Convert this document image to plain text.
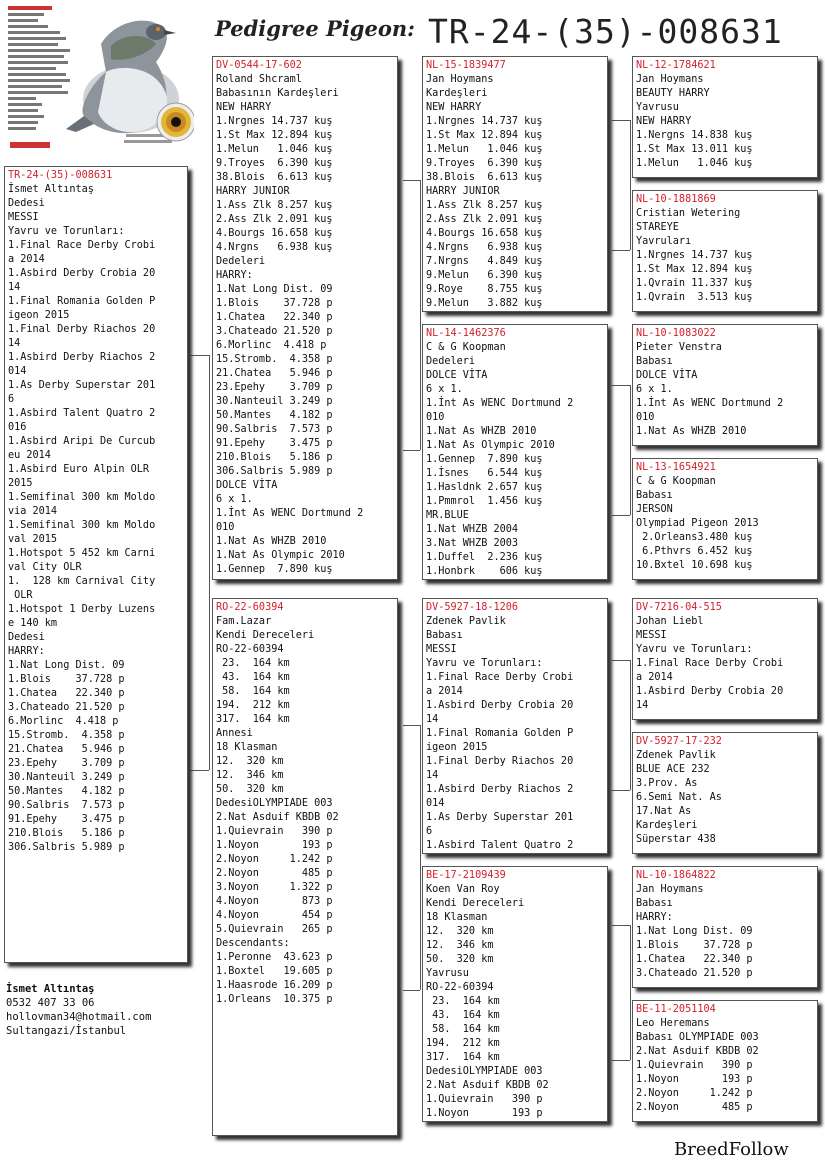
Pedigree Pigeon: TR-24-(35)-008631
TR-24-(35)-008631
İsmet Altıntaş
Dedesi
MESSI
Yavru ve Torunları:
1.Final Race Derby Crobi
a 2014
1.Asbird Derby Crobia 20
14
1.Final Romania Golden P
igeon 2015
1.Final Derby Riachos 20
14
1.Asbird Derby Riachos 2
014
1.As Derby Superstar 201
6
1.Asbird Talent Quatro 2
016
1.Asbird Aripi De Curcub
eu 2014
1.Asbird Euro Alpin OLR
2015
1.Semifinal 300 km Moldo
via 2014
1.Semifinal 300 km Moldo
val 2015
1.Hotspot 5 452 km Carni
val City OLR
1.  128 km Carnival City
OLR
1.Hotspot 1 Derby Luzens
e 140 km
Dedesi
HARRY:
1.Nat Long Dist. 09
1.Blois    37.728 p
1.Chatea   22.340 p
3.Chateado 21.520 p
6.Morlinc  4.418 p
15.Stromb.  4.358 p
21.Chatea   5.946 p
23.Epehy    3.709 p
30.Nanteuil 3.249 p
50.Mantes   4.182 p
90.Salbris  7.573 p
91.Epehy    3.475 p
210.Blois   5.186 p
306.Salbris 5.989 p
DV-0544-17-602
Roland Shcraml
Babasının Kardeşleri
NEW HARRY
1.Nrgnes 14.737 kuş
1.St Max 12.894 kuş
1.Melun   1.046 kuş
9.Troyes  6.390 kuş
38.Blois  6.613 kuş
HARRY JUNIOR
1.Ass Zlk 8.257 kuş
2.Ass Zlk 2.091 kuş
4.Bourgs 16.658 kuş
4.Nrgns   6.938 kuş
Dedeleri
HARRY:
1.Nat Long Dist. 09
1.Blois    37.728 p
1.Chatea   22.340 p
3.Chateado 21.520 p
6.Morlinc  4.418 p
15.Stromb.  4.358 p
21.Chatea   5.946 p
23.Epehy    3.709 p
30.Nanteuil 3.249 p
50.Mantes   4.182 p
90.Salbris  7.573 p
91.Epehy    3.475 p
210.Blois   5.186 p
306.Salbris 5.989 p
DOLCE VİTA
6 x 1.
1.İnt As WENC Dortmund 2
010
1.Nat As WHZB 2010
1.Nat As Olympic 2010
1.Gennep  7.890 kuş
RO-22-60394
Fam.Lazar
Kendi Dereceleri
RO-22-60394
23.  164 km
43.  164 km
58.  164 km
194.  212 km
317.  164 km
Annesi
18 Klasman
12.  320 km
12.  346 km
50.  320 km
DedesiOLYMPIADE 003
2.Nat Asduif KBDB 02
1.Quievrain   390 p
1.Noyon       193 p
2.Noyon     1.242 p
2.Noyon       485 p
3.Noyon     1.322 p
4.Noyon       873 p
4.Noyon       454 p
5.Quievrain   265 p
Descendants:
1.Peronne  43.623 p
1.Boxtel   19.605 p
1.Haasrode 16.209 p
1.Orleans  10.375 p
NL-15-1839477
Jan Hoymans
Kardeşleri
NEW HARRY
1.Nrgnes 14.737 kuş
1.St Max 12.894 kuş
1.Melun   1.046 kuş
9.Troyes  6.390 kuş
38.Blois  6.613 kuş
HARRY JUNIOR
1.Ass Zlk 8.257 kuş
2.Ass Zlk 2.091 kuş
4.Bourgs 16.658 kuş
4.Nrgns   6.938 kuş
7.Nrgns   4.849 kuş
9.Melun   6.390 kuş
9.Roye    8.755 kuş
9.Melun   3.882 kuş
NL-14-1462376
C & G Koopman
Dedeleri
DOLCE VİTA
6 x 1.
1.İnt As WENC Dortmund 2
010
1.Nat As WHZB 2010
1.Nat As Olympic 2010
1.Gennep  7.890 kuş
1.İsnes   6.544 kuş
1.Hasldnk 2.657 kuş
1.Pmmrol  1.456 kuş
MR.BLUE
1.Nat WHZB 2004
3.Nat WHZB 2003
1.Duffel  2.236 kuş
1.Honbrk    606 kuş
DV-5927-18-1206
Zdenek Pavlik
Babası
MESSI
Yavru ve Torunları:
1.Final Race Derby Crobi
a 2014
1.Asbird Derby Crobia 20
14
1.Final Romania Golden P
igeon 2015
1.Final Derby Riachos 20
14
1.Asbird Derby Riachos 2
014
1.As Derby Superstar 201
6
1.Asbird Talent Quatro 2
BE-17-2109439
Koen Van Roy
Kendi Dereceleri
18 Klasman
12.  320 km
12.  346 km
50.  320 km
Yavrusu
RO-22-60394
23.  164 km
43.  164 km
58.  164 km
194.  212 km
317.  164 km
DedesiOLYMPIADE 003
2.Nat Asduif KBDB 02
1.Quievrain   390 p
1.Noyon       193 p
NL-12-1784621
Jan Hoymans
BEAUTY HARRY
Yavrusu
NEW HARRY
1.Nergns 14.838 kuş
1.St Max 13.011 kuş
1.Melun   1.046 kuş
NL-10-1881869
Cristian Wetering
STAREYE
Yavruları
1.Nrgnes 14.737 kuş
1.St Max 12.894 kuş
1.Qvrain 11.337 kuş
1.Qvrain  3.513 kuş
NL-10-1083022
Pieter Venstra
Babası
DOLCE VİTA
6 x 1.
1.İnt As WENC Dortmund 2
010
1.Nat As WHZB 2010
NL-13-1654921
C & G Koopman
Babası
JERSON
Olympiad Pigeon 2013
2.Orleans3.480 kuş
6.Pthvrs 6.452 kuş
10.Bxtel 10.698 kuş
DV-7216-04-515
Johan Liebl
MESSI
Yavru ve Torunları:
1.Final Race Derby Crobi
a 2014
1.Asbird Derby Crobia 20
14
DV-5927-17-232
Zdenek Pavlik
BLUE ACE 232
3.Prov. As
6.Semi Nat. As
17.Nat As
Kardeşleri
Süperstar 438
NL-10-1864822
Jan Hoymans
Babası
HARRY:
1.Nat Long Dist. 09
1.Blois    37.728 p
1.Chatea   22.340 p
3.Chateado 21.520 p
BE-11-2051104
Leo Heremans
Babası OLYMPIADE 003
2.Nat Asduif KBDB 02
1.Quievrain   390 p
1.Noyon       193 p
2.Noyon     1.242 p
2.Noyon       485 p
İsmet Altıntaş
0532 407 33 06
hollovman34@hotmail.com
Sultangazi/İstanbul
BreedFollow
